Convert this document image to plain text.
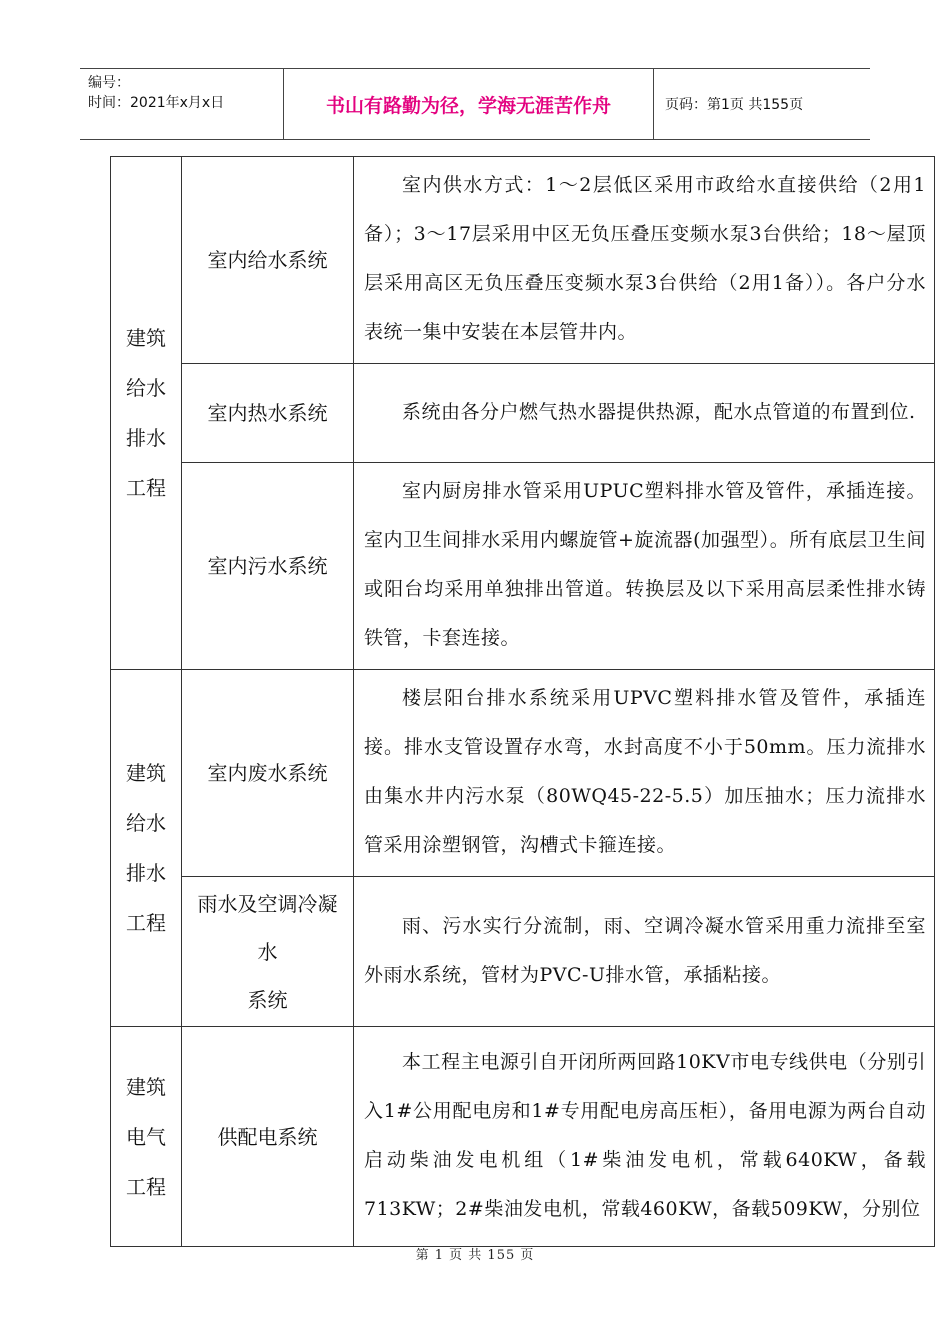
编号：
时间：2021年x月x日	书山有路勤为径，学海无涯苦作舟	页码：第1页 共155页
建筑
给水
排水
工程	室内给水系统	室内供水方式：1～2层低区采用市政给水直接供给（2用1备）；3～17层采用中区无负压叠压变频水泵3台供给；18～屋顶层采用高区无负压叠压变频水泵3台供给（2用1备））。各户分水表统一集中安装在本层管井内。

	室内热水系统	系统由各分户燃气热水器提供热源，配水点管道的布置到位.

	室内污水系统	室内厨房排水管采用UPUC塑料排水管及管件，承插连接。室内卫生间排水采用内螺旋管+旋流器(加强型）。所有底层卫生间或阳台均采用单独排出管道。转换层及以下采用高层柔性排水铸铁管，卡套连接。

建筑
给水
排水
工程	室内废水系统	楼层阳台排水系统采用UPVC塑料排水管及管件，承插连接。排水支管设置存水弯，水封高度不小于50mm。压力流排水由集水井内污水泵（80WQ45-22-5.5）加压抽水；压力流排水管采用涂塑钢管，沟槽式卡箍连接。

	雨水及空调冷凝
水
系统	雨、污水实行分流制，雨、空调冷凝水管采用重力流排至室外雨水系统，管材为PVC-U排水管，承插粘接。

建筑
电气
工程	供配电系统	本工程主电源引自开闭所两回路10KV市电专线供电（分别引入1#公用配电房和1#专用配电房高压柜），备用电源为两台自动启动柴油发电机组（1#柴油发电机，常载640KW，备载713KW；2#柴油发电机，常载460KW，备载509KW，分别位

第 1 页 共 155 页
